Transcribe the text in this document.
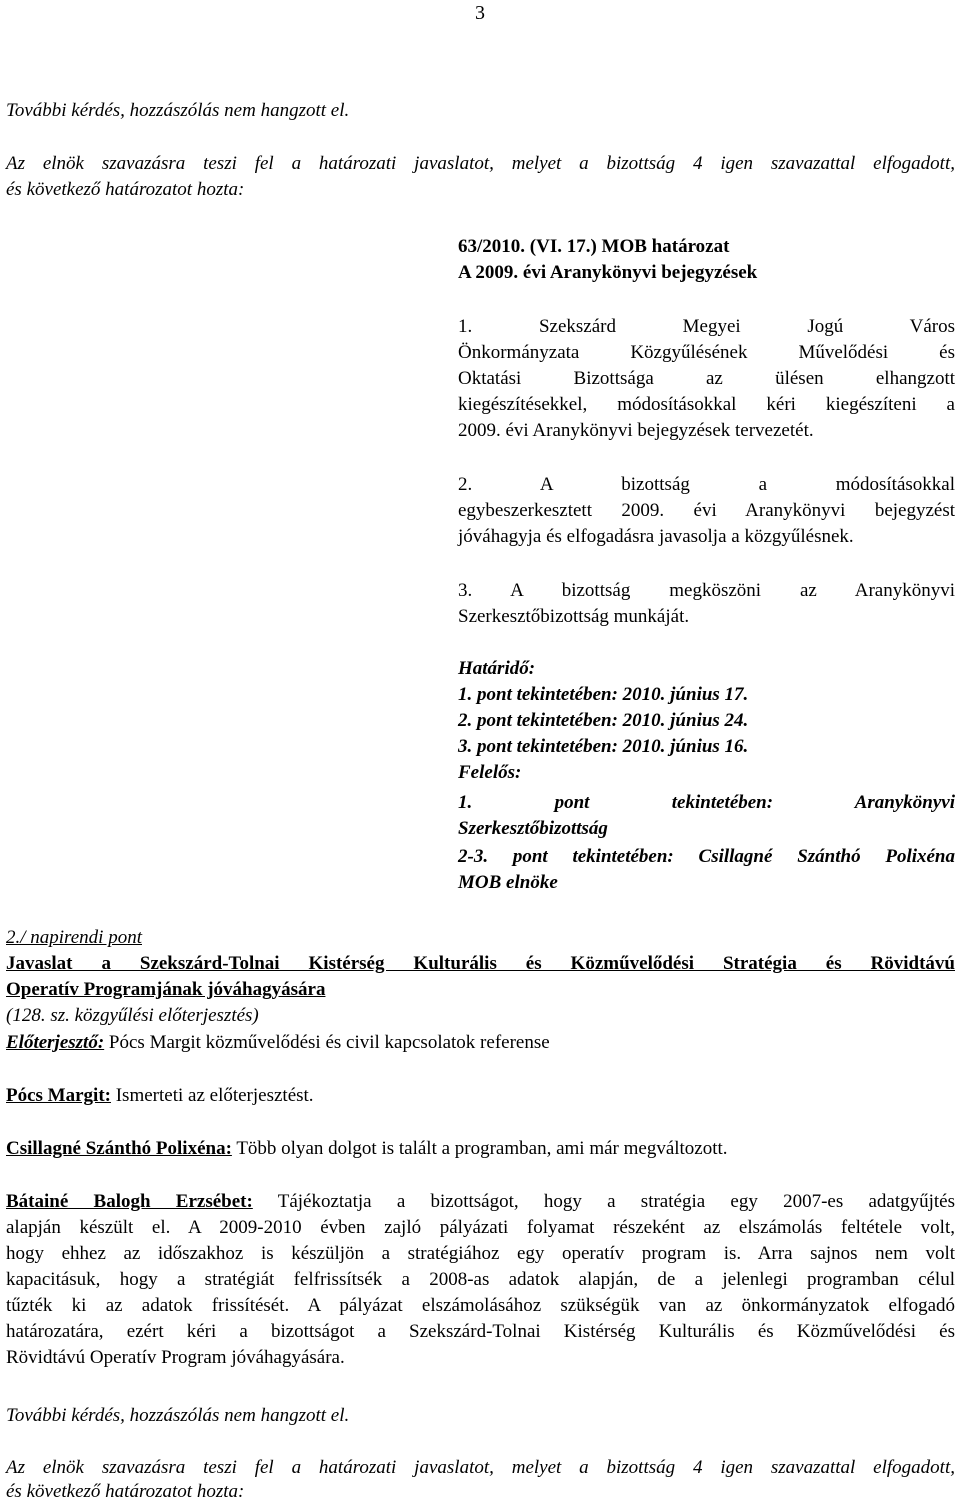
3
További kérdés, hozzászólás nem hangzott el.
Az elnök szavazásra teszi fel a határozati javaslatot, melyet a bizottság 4 igen szavazattal elfogadott,
és következő határozatot hozta:
63/2010. (VI. 17.) MOB határozat
A 2009. évi Aranykönyvi bejegyzések
1. Szekszárd Megyei Jogú Város
Önkormányzata Közgyűlésének Művelődési és
Oktatási Bizottsága az ülésen elhangzott
kiegészítésekkel, módosításokkal kéri kiegészíteni a
2009. évi Aranykönyvi bejegyzések tervezetét.
2. A bizottság a módosításokkal
egybeszerkesztett 2009. évi Aranykönyvi bejegyzést
jóváhagyja és elfogadásra javasolja a közgyűlésnek.
3. A bizottság megköszöni az Aranykönyvi
Szerkesztőbizottság munkáját.
Határidő:
1. pont tekintetében: 2010. június 17.
2. pont tekintetében: 2010. június 24.
3. pont tekintetében: 2010. június 16.
Felelős:
1. pont tekintetében: Aranykönyvi
Szerkesztőbizottság
2-3. pont tekintetében: Csillagné Szánthó Polixéna
MOB elnöke
2./ napirendi pont
Javaslat a Szekszárd-Tolnai Kistérség Kulturális és Közművelődési Stratégia és Rövidtávú
Operatív Programjának jóváhagyására
(128. sz. közgyűlési előterjesztés)
Előterjesztő: Pócs Margit közművelődési és civil kapcsolatok referense
Pócs Margit: Ismerteti az előterjesztést.
Csillagné Szánthó Polixéna: Több olyan dolgot is talált a programban, ami már megváltozott.
Bátainé Balogh Erzsébet: Tájékoztatja a bizottságot, hogy a stratégia egy 2007-es adatgyűjtés
alapján készült el. A 2009-2010 évben zajló pályázati folyamat részeként az elszámolás feltétele volt,
hogy ehhez az időszakhoz is készüljön a stratégiához egy operatív program is. Arra sajnos nem volt
kapacitásuk, hogy a stratégiát felfrissítsék a 2008-as adatok alapján, de a jelenlegi programban célul
tűzték ki az adatok frissítését. A pályázat elszámolásához szükségük van az önkormányzatok elfogadó
határozatára, ezért kéri a bizottságot a Szekszárd-Tolnai Kistérség Kulturális és Közművelődési és
Rövidtávú Operatív Program jóváhagyására.
További kérdés, hozzászólás nem hangzott el.
Az elnök szavazásra teszi fel a határozati javaslatot, melyet a bizottság 4 igen szavazattal elfogadott,
és következő határozatot hozta:
